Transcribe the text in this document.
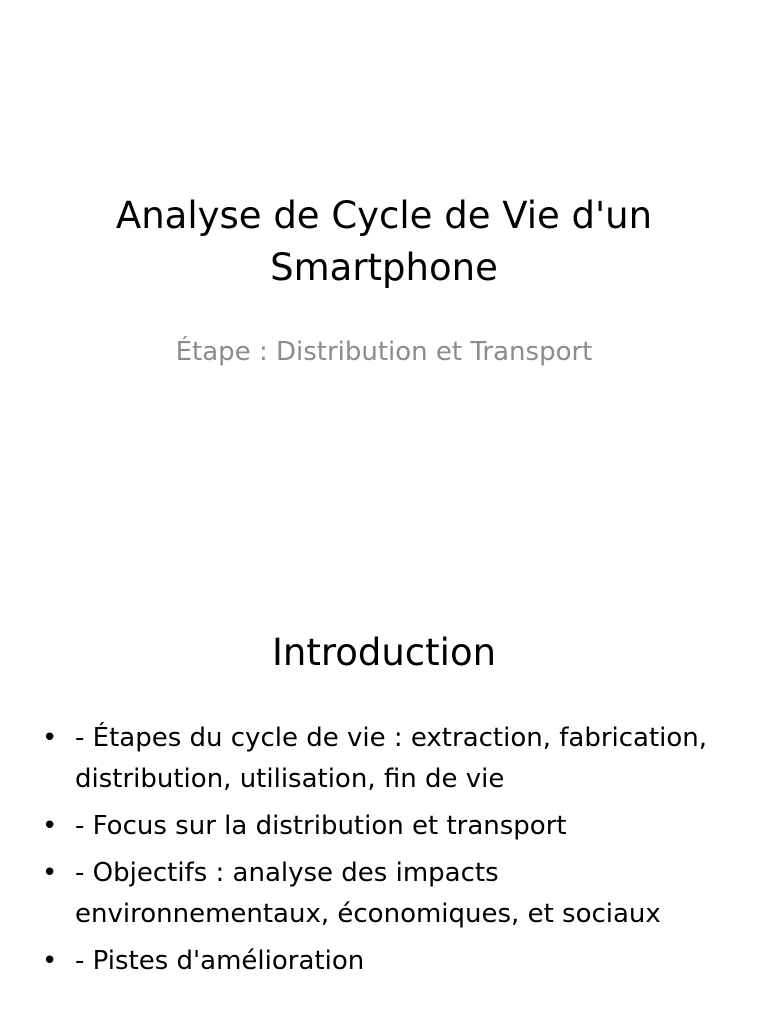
Analyse de Cycle de Vie d'un Smartphone

Étape : Distribution et Transport

Introduction
• - Étapes du cycle de vie : extraction, fabrication, distribution, utilisation, fin de vie
• - Focus sur la distribution et transport
• - Objectifs : analyse des impacts environnementaux, économiques, et sociaux
• - Pistes d'amélioration
